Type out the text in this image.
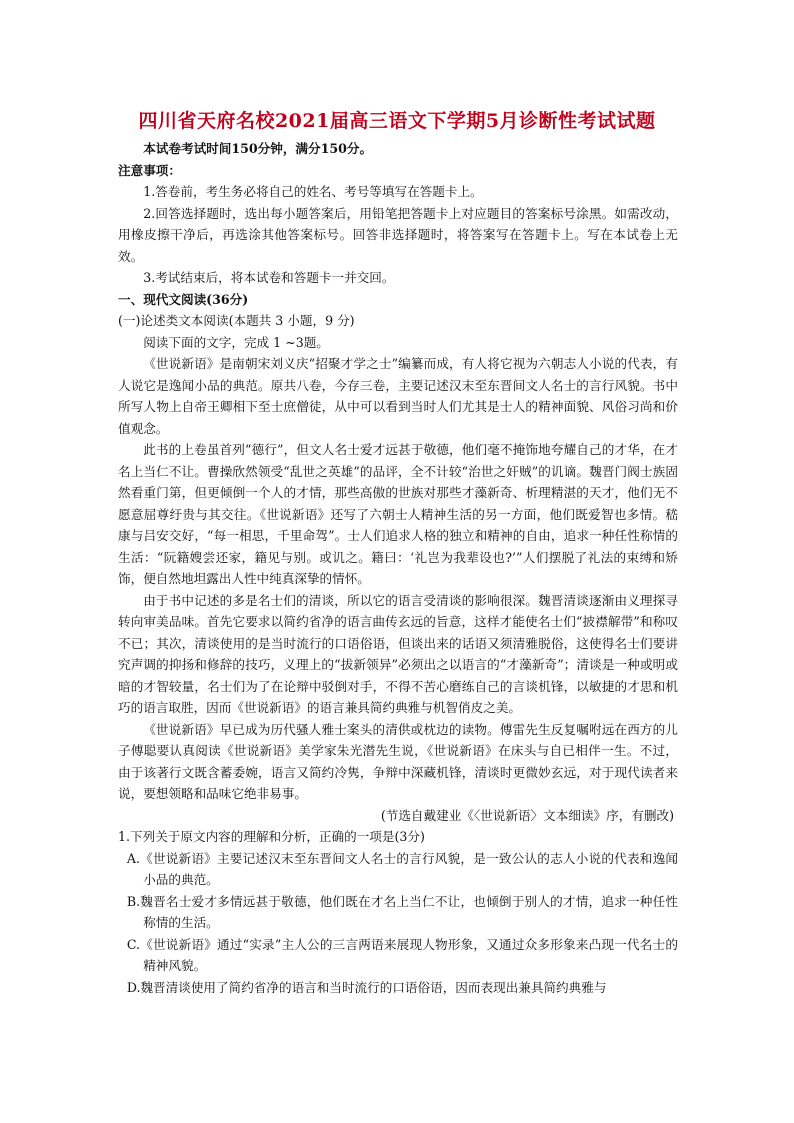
四川省天府名校2021届高三语文下学期5月诊断性考试试题

本试卷考试时间150分钟，满分150分。

注意事项：

1.答卷前，考生务必将自己的姓名、考号等填写在答题卡上。

2.回答选择题时，选出每小题答案后，用铅笔把答题卡上对应题目的答案标号涂黑。如需改动，用橡皮擦干净后，再选涂其他答案标号。回答非选择题时，将答案写在答题卡上。写在本试卷上无效。

3.考试结束后，将本试卷和答题卡一并交回。

一、现代文阅读(36分)

(一)论述类文本阅读(本题共 3 小题，9 分)

阅读下面的文字，完成 1 ~3题。

《世说新语》是南朝宋刘义庆“招聚才学之士”编纂而成，有人将它视为六朝志人小说的代表，有人说它是逸闻小品的典范。原共八卷，今存三卷，主要记述汉末至东晋间文人名士的言行风貌。书中所写人物上自帝王卿相下至士庶僧徒，从中可以看到当时人们尤其是士人的精神面貌、风俗习尚和价值观念。

此书的上卷虽首列“德行”，但文人名士爱才远甚于敬德，他们毫不掩饰地夸耀自己的才华，在才名上当仁不让。曹操欣然领受“乱世之英雄”的品评，全不计较“治世之奸贼”的讥谪。魏晋门阀士族固然看重门第，但更倾倒一个人的才情，那些高傲的世族对那些才藻新奇、析理精湛的天才，他们无不愿意屈尊纡贵与其交往。《世说新语》还写了六朝士人精神生活的另一方面，他们既爱智也多情。嵇康与吕安交好，“每一相思，千里命驾”。士人们追求人格的独立和精神的自由，追求一种任性称情的生活：“阮籍嫂尝还家，籍见与别。或讥之。籍曰：‘礼岂为我辈设也?’”人们摆脱了礼法的束缚和矫饰，便自然地坦露出人性中纯真深挚的情怀。

由于书中记述的多是名士们的清谈，所以它的语言受清谈的影响很深。魏晋清谈逐渐由义理探寻转向审美品味。首先它要求以简约省净的语言曲传玄远的旨意，这样才能使名士们“披襟解带”和称叹不已；其次，清谈使用的是当时流行的口语俗语，但谈出来的话语又须清雅脱俗，这使得名士们要讲究声调的抑扬和修辞的技巧，义理上的“拔新领异”必须出之以语言的“才藻新奇”；清谈是一种或明或暗的才智较量，名士们为了在论辩中驳倒对手，不得不苦心磨练自己的言谈机锋，以敏捷的才思和机巧的语言取胜，因而《世说新语》的语言兼具简约典雅与机智俏皮之美。

《世说新语》早已成为历代骚人雅士案头的清供或枕边的读物。傅雷先生反复嘱咐远在西方的儿子傅聪要认真阅读《世说新语》美学家朱光潜先生说，《世说新语》在床头与自已相伴一生。不过，由于该著行文既含蓄委婉，语言又简约冷隽，争辩中深藏机锋，清谈时更微妙玄远，对于现代读者来说，要想领略和品味它绝非易事。

(节选自戴建业《〈世说新语〉文本细读》序，有删改)

1.下列关于原文内容的理解和分析，正确的一项是(3分)

A.《世说新语》主要记述汉末至东晋间文人名士的言行风貌，是一致公认的志人小说的代表和逸闻小品的典范。

B.魏晋名士爱才多情远甚于敬德，他们既在才名上当仁不让，也倾倒于别人的才情，追求一种任性称情的生活。

C.《世说新语》通过“实录”主人公的三言两语来展现人物形象，又通过众多形象来凸现一代名士的精神风貌。

D.魏晋清谈使用了简约省净的语言和当时流行的口语俗语，因而表现出兼具简约典雅与
